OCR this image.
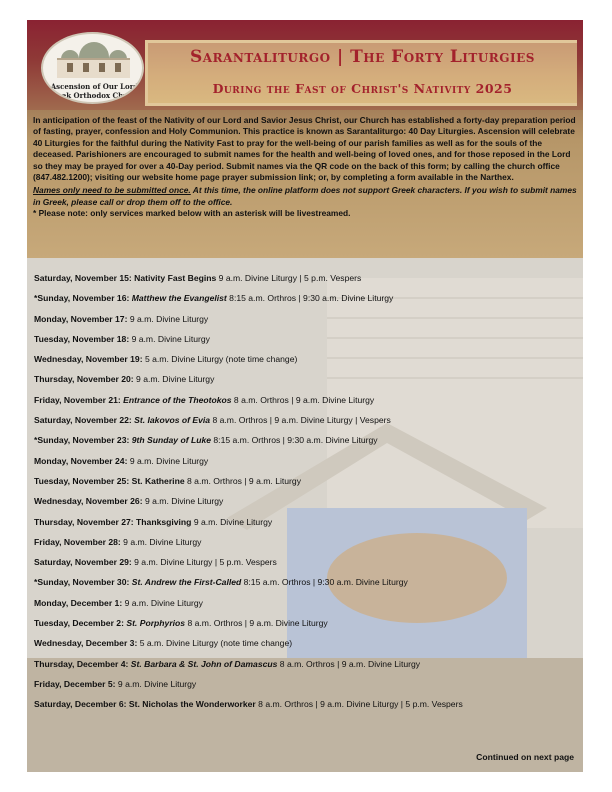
Ascension of Our Lord
Greek Orthodox Church
Sarantaliturgo | The Forty Liturgies
During the Fast of Christ's Nativity 2025

In anticipation of the feast of the Nativity of our Lord and Savior Jesus Christ, our Church has established a forty-day preparation period of fasting, prayer, confession and Holy Communion. This practice is known as Sarantaliturgo: 40 Day Liturgies. Ascension will celebrate 40 Liturgies for the faithful during the Nativity Fast to pray for the well-being of our parish families as well as for the souls of the deceased. Parishioners are encouraged to submit names for the health and well-being of loved ones, and for those reposed in the Lord so they may be prayed for over a 40-Day period. Submit names via the QR code on the back of this form; by calling the church office (847.482.1200); visiting our website home page prayer submission link; or, by completing a form available in the Narthex.

Names only need to be submitted once. At this time, the online platform does not support Greek characters. If you wish to submit names in Greek, please call or drop them off to the office.

* Please note: only services marked below with an asterisk will be livestreamed.

Saturday, November 15: Nativity Fast Begins 9 a.m. Divine Liturgy | 5 p.m. Vespers
*Sunday, November 16: Matthew the Evangelist 8:15 a.m. Orthros | 9:30 a.m. Divine Liturgy
Monday, November 17: 9 a.m. Divine Liturgy
Tuesday, November 18: 9 a.m. Divine Liturgy
Wednesday, November 19: 5 a.m. Divine Liturgy (note time change)
Thursday, November 20: 9 a.m. Divine Liturgy
Friday, November 21: Entrance of the Theotokos 8 a.m. Orthros | 9 a.m. Divine Liturgy
Saturday, November 22: St. Iakovos of Evia 8 a.m. Orthros | 9 a.m. Divine Liturgy | Vespers
*Sunday, November 23: 9th Sunday of Luke 8:15 a.m. Orthros | 9:30 a.m. Divine Liturgy
Monday, November 24: 9 a.m. Divine Liturgy
Tuesday, November 25: St. Katherine 8 a.m. Orthros | 9 a.m. Liturgy
Wednesday, November 26: 9 a.m. Divine Liturgy
Thursday, November 27: Thanksgiving 9 a.m. Divine Liturgy
Friday, November 28: 9 a.m. Divine Liturgy
Saturday, November 29: 9 a.m. Divine Liturgy | 5 p.m. Vespers
*Sunday, November 30: St. Andrew the First-Called 8:15 a.m. Orthros | 9:30 a.m. Divine Liturgy
Monday, December 1: 9 a.m. Divine Liturgy
Tuesday, December 2: St. Porphyrios 8 a.m. Orthros | 9 a.m. Divine Liturgy
Wednesday, December 3: 5 a.m. Divine Liturgy (note time change)
Thursday, December 4: St. Barbara & St. John of Damascus 8 a.m. Orthros | 9 a.m. Divine Liturgy
Friday, December 5: 9 a.m. Divine Liturgy
Saturday, December 6: St. Nicholas the Wonderworker 8 a.m. Orthros | 9 a.m. Divine Liturgy | 5 p.m. Vespers
Continued on next page
